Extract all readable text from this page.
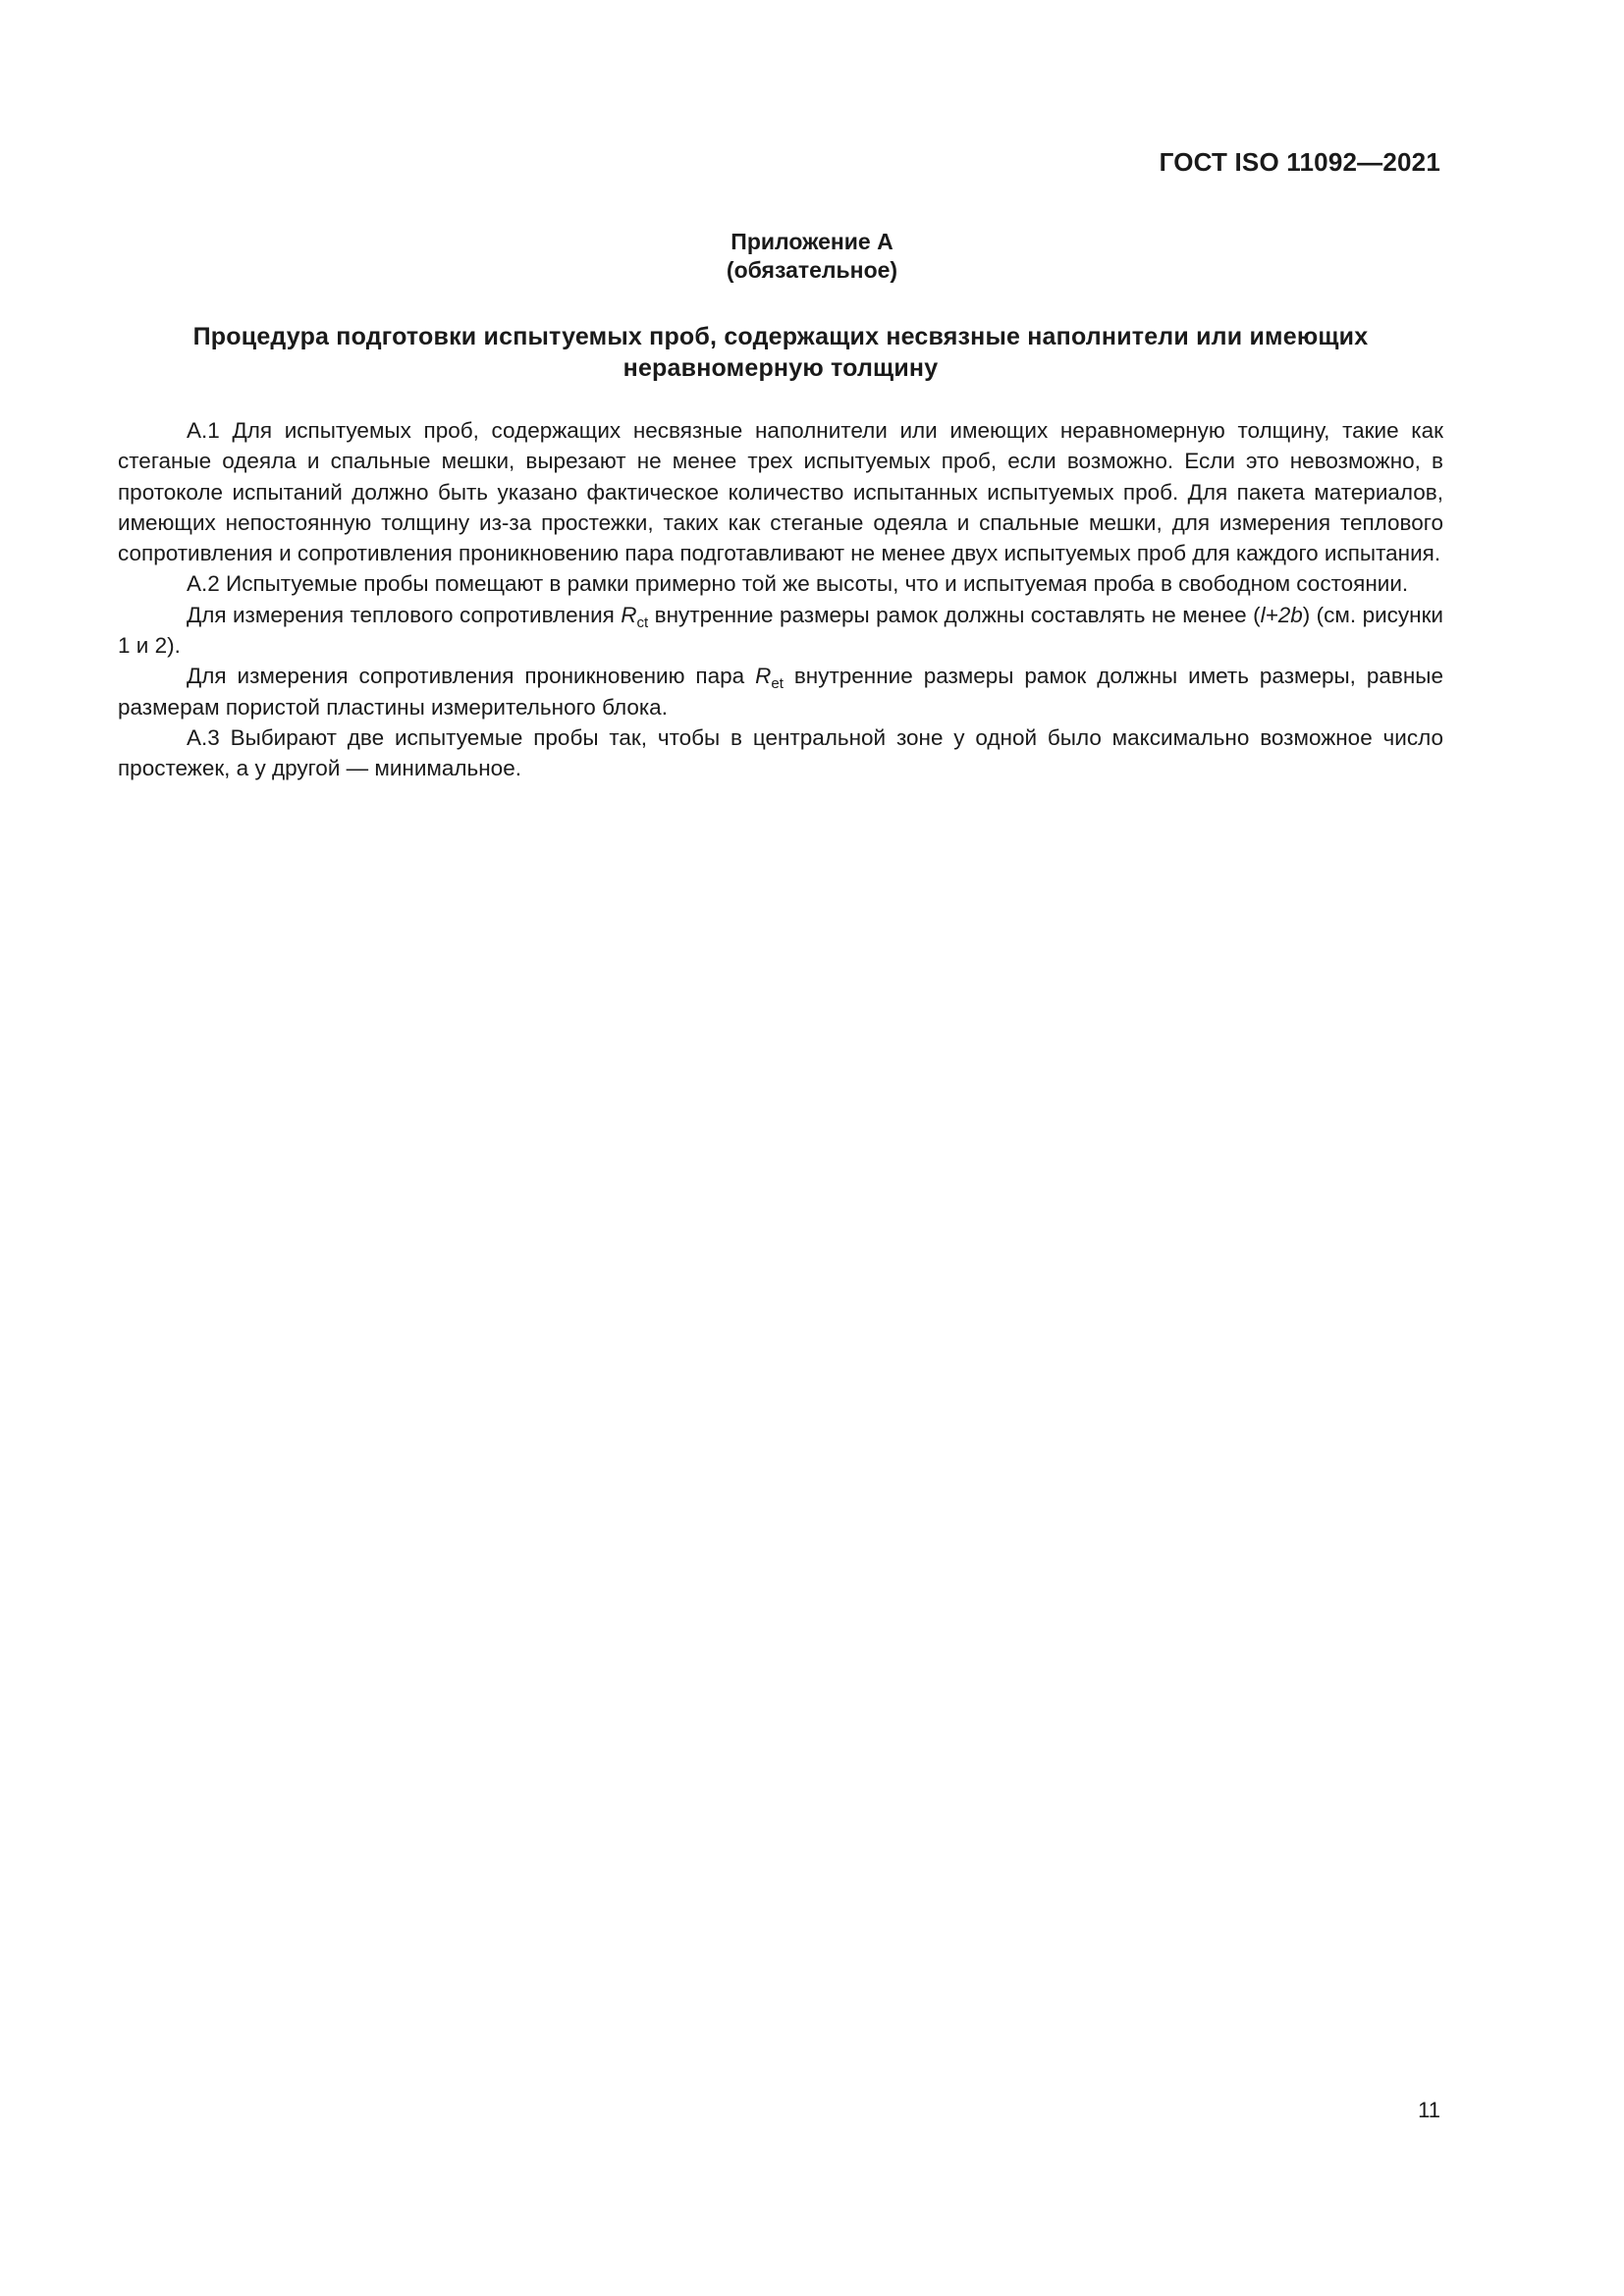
ГОСТ ISO 11092—2021
Приложение А
(обязательное)
Процедура подготовки испытуемых проб, содержащих несвязные наполнители или имеющих неравномерную толщину

А.1 Для испытуемых проб, содержащих несвязные наполнители или имеющих неравномерную толщину, такие как стеганые одеяла и спальные мешки, вырезают не менее трех испытуемых проб, если возможно. Если это невозможно, в протоколе испытаний должно быть указано фактическое количество испытанных испытуемых проб. Для пакета материалов, имеющих непостоянную толщину из-за простежки, таких как стеганые одеяла и спальные мешки, для измерения теплового сопротивления и сопротивления проникновению пара подготавливают не менее двух испытуемых проб для каждого испытания.

А.2 Испытуемые пробы помещают в рамки примерно той же высоты, что и испытуемая проба в свободном состоянии.

Для измерения теплового сопротивления $R_{ct}$ внутренние размеры рамок должны составлять не менее (l+2b) (см. рисунки 1 и 2).

Для измерения сопротивления проникновению пара $R_{et}$ внутренние размеры рамок должны иметь размеры, равные размерам пористой пластины измерительного блока.

А.3 Выбирают две испытуемые пробы так, чтобы в центральной зоне у одной было максимально возможное число простежек, а у другой — минимальное.

11
